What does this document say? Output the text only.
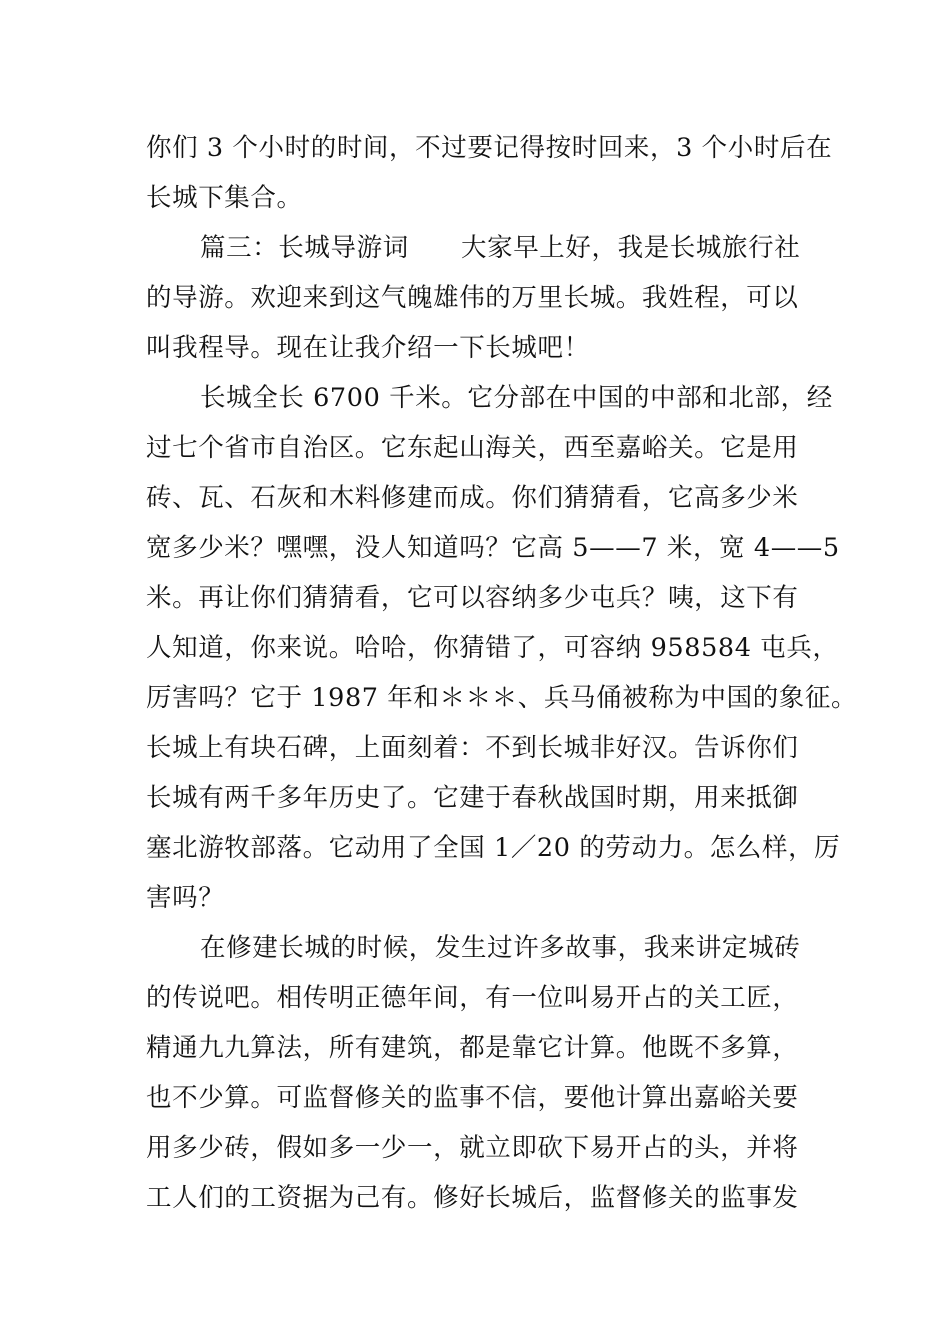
你们 3 个小时的时间，不过要记得按时回来，3 个小时后在
长城下集合。
篇三：长城导游词　　大家早上好，我是长城旅行社
的导游。欢迎来到这气魄雄伟的万里长城。我姓程，可以
叫我程导。现在让我介绍一下长城吧！
长城全长 6700 千米。它分部在中国的中部和北部，经
过七个省市自治区。它东起山海关，西至嘉峪关。它是用
砖、瓦、石灰和木料修建而成。你们猜猜看，它高多少米
宽多少米？嘿嘿，没人知道吗？它高 5——7 米，宽 4——5
米。再让你们猜猜看，它可以容纳多少屯兵？咦，这下有
人知道，你来说。哈哈，你猜错了，可容纳 958584 屯兵，
厉害吗？它于 1987 年和＊＊＊、兵马俑被称为中国的象征。
长城上有块石碑，上面刻着：不到长城非好汉。告诉你们
长城有两千多年历史了。它建于春秋战国时期，用来抵御
塞北游牧部落。它动用了全国 1／20 的劳动力。怎么样，厉
害吗？
在修建长城的时候，发生过许多故事，我来讲定城砖
的传说吧。相传明正德年间，有一位叫易开占的关工匠，
精通九九算法，所有建筑，都是靠它计算。他既不多算，
也不少算。可监督修关的监事不信，要他计算出嘉峪关要
用多少砖，假如多一少一，就立即砍下易开占的头，并将
工人们的工资据为己有。修好长城后，监督修关的监事发
